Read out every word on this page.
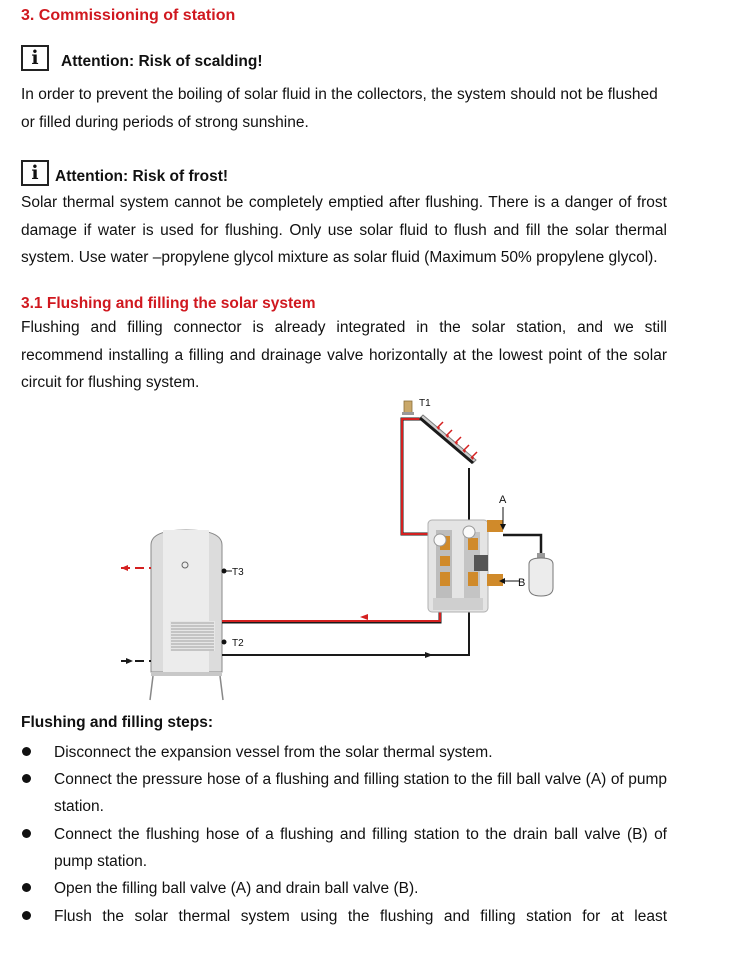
3. Commissioning of station
i	Attention: Risk of scalding!
In order to prevent the boiling of solar fluid in the collectors, the system should not be flushed or filled during periods of strong sunshine.
i	Attention: Risk of frost!
Solar thermal system cannot be completely emptied after flushing. There is a danger of frost damage if water is used for flushing. Only use solar fluid to flush and fill the solar thermal system. Use water –propylene glycol mixture as solar fluid (Maximum 50% propylene glycol).
3.1 Flushing and filling the solar system
Flushing and filling connector is already integrated in the solar station, and we still recommend installing a filling and drainage valve horizontally at the lowest point of the solar circuit for flushing system.
T3
T2
T1
A
B
Flushing and filling steps:
Disconnect the expansion vessel from the solar thermal system.
Connect the pressure hose of a flushing and filling station to the fill ball valve (A) of pump station.
Connect the flushing hose of a flushing and filling station to the drain ball valve (B) of pump station.
Open the filling ball valve (A) and drain ball valve (B).
Flush the solar thermal system using the flushing and filling station for at least
